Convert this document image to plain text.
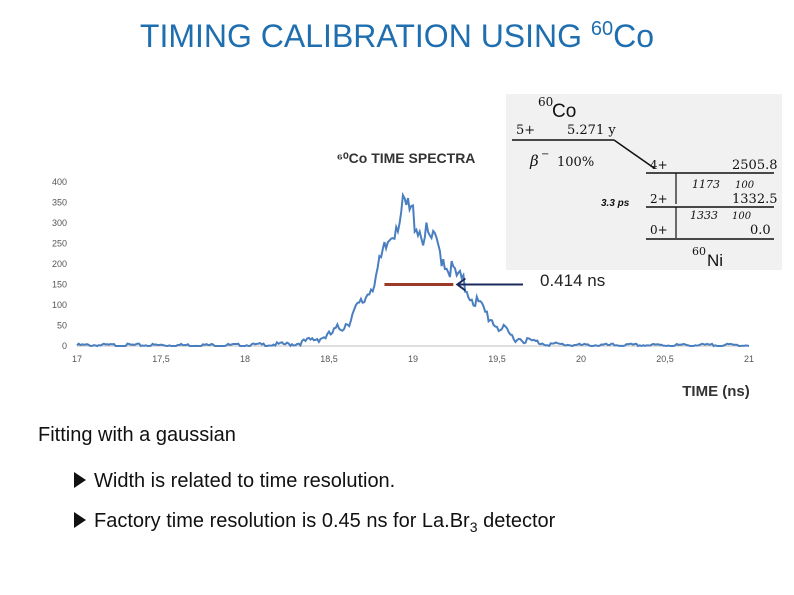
TIMING CALIBRATION USING $^{60}$Co
⁶⁰Co TIME SPECTRA
0
50
100
150
200
250
300
350
400
17	17,5	18	18,5	19	19,5	20	20,5	21
0.414 ns
TIME (ns)
60
Co
5+ 5.271 y
β −
100%	4+	2505.8
1173 100
2+	1332.5
3.3 ps
1333 100
0+	0.0
60 Ni
Fitting with a gaussian
Width is related to time resolution.
Factory time resolution is 0.45 ns for $La.Br_3$ detector
